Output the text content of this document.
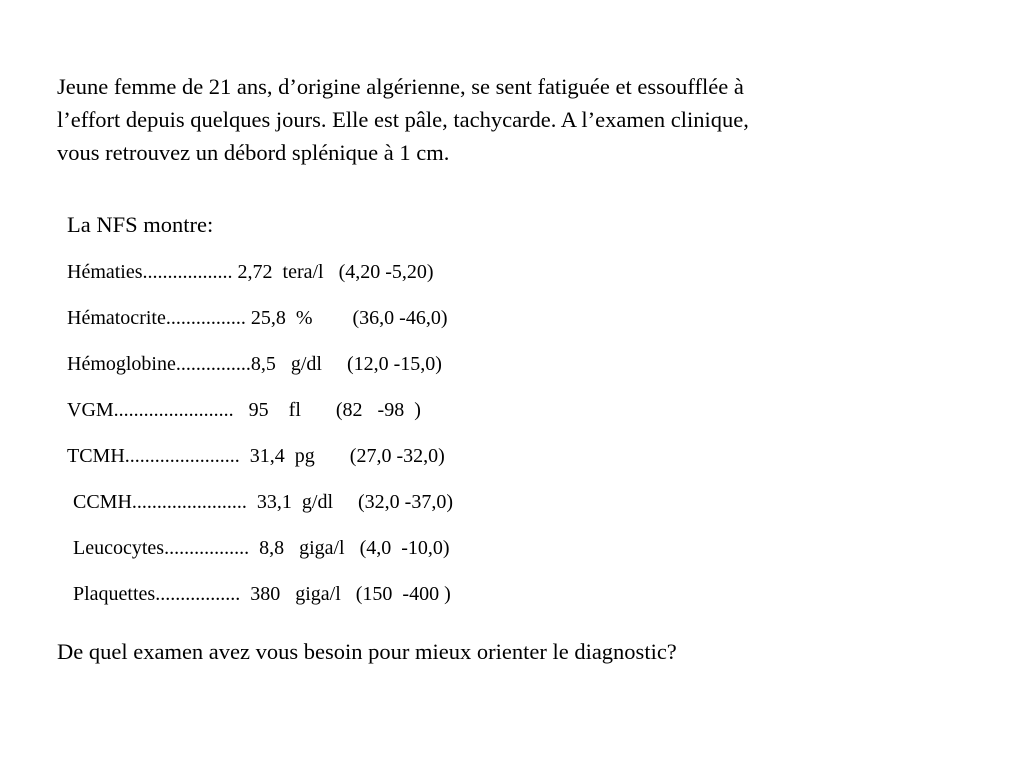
Jeune femme de 21 ans, d’origine algérienne, se sent fatiguée et essoufflée à
l’effort depuis quelques jours. Elle est pâle, tachycarde. A l’examen clinique,
vous retrouvez un débord splénique à 1 cm.
La NFS montre:
Hématies.................. 2,72  tera/l   (4,20 -5,20)
Hématocrite................ 25,8  %        (36,0 -46,0)
Hémoglobine...............8,5   g/dl     (12,0 -15,0)
VGM........................   95    fl       (82   -98  )
TCMH.......................  31,4  pg       (27,0 -32,0)
CCMH.......................  33,1  g/dl     (32,0 -37,0)
Leucocytes.................  8,8   giga/l   (4,0  -10,0)
Plaquettes.................  380   giga/l   (150  -400 )
De quel examen avez vous besoin pour mieux orienter le diagnostic?
